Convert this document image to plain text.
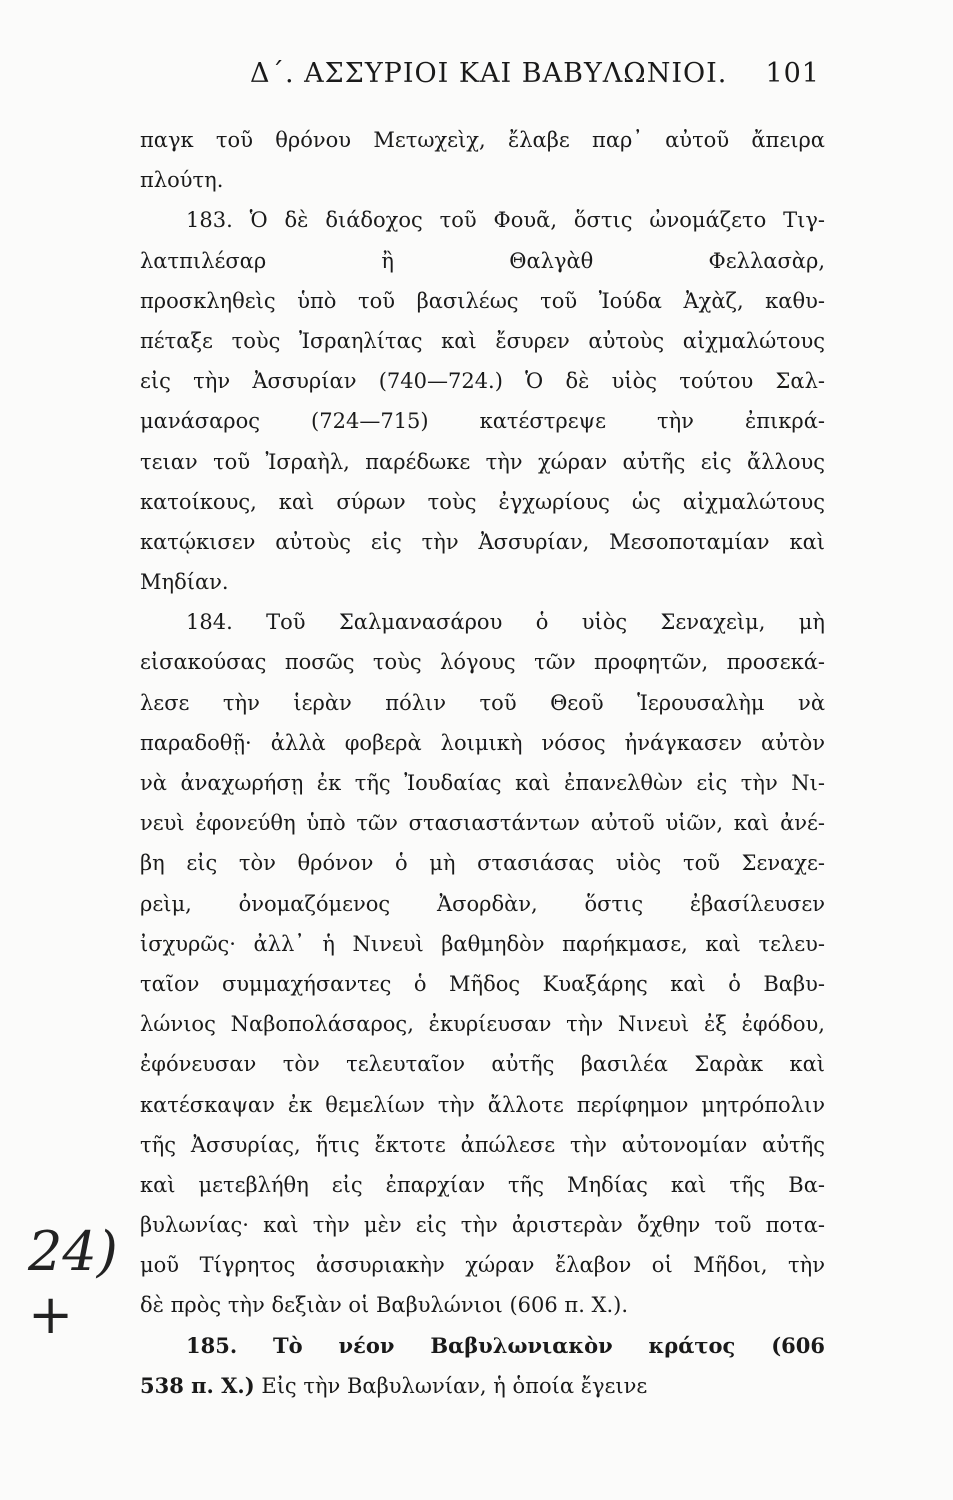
Δ΄. ΑΣΣΥΡΙΟΙ ΚΑΙ ΒΑΒΥΛΩΝΙΟΙ. 101
παγκ τοῦ θρόνου Μετωχεὶχ, ἔλαβε παρ᾽ αὐτοῦ ἄπειρα
πλούτη.
183. Ὁ δὲ διάδοχος τοῦ Φουᾶ, ὅστις ὠνομάζετο Τιγ-
λατπιλέσαρ ἢ Θαλγὰθ Φελλασὰρ,
προσκληθεὶς ὑπὸ τοῦ βασιλέως τοῦ Ἰούδα Ἀχὰζ, καθυ-
πέταξε τοὺς Ἰσραηλίτας καὶ ἔσυρεν αὐτοὺς αἰχμαλώτους
εἰς τὴν Ἀσσυρίαν (740—724.) Ὁ δὲ υἱὸς τούτου Σαλ-
μανάσαρος (724—715) κατέστρεψε τὴν ἐπικρά-
τειαν τοῦ Ἰσραὴλ, παρέδωκε τὴν χώραν αὐτῆς εἰς ἄλλους
κατοίκους, καὶ σύρων τοὺς ἐγχωρίους ὡς αἰχμαλώτους
κατῴκισεν αὐτοὺς εἰς τὴν Ἀσσυρίαν, Μεσοποταμίαν καὶ
Μηδίαν.
184. Τοῦ Σαλμανασάρου ὁ υἱὸς Σεναχεὶμ, μὴ
εἰσακούσας ποσῶς τοὺς λόγους τῶν προφητῶν, προσεκά-
λεσε τὴν ἱερὰν πόλιν τοῦ Θεοῦ Ἱερουσαλὴμ νὰ
παραδοθῇ· ἀλλὰ φοβερὰ λοιμικὴ νόσος ἠνάγκασεν αὐτὸν
νὰ ἀναχωρήσῃ ἐκ τῆς Ἰουδαίας καὶ ἐπανελθὼν εἰς τὴν Νι-
νευὶ ἐφονεύθη ὑπὸ τῶν στασιαστάντων αὐτοῦ υἱῶν, καὶ ἀνέ-
βη εἰς τὸν θρόνον ὁ μὴ στασιάσας υἱὸς τοῦ Σεναχε-
ρεὶμ, ὀνομαζόμενος Ἀσορδὰν, ὅστις ἐβασίλευσεν
ἰσχυρῶς· ἀλλ᾽ ἡ Νινευὶ βαθμηδὸν παρήκμασε, καὶ τελευ-
ταῖον συμμαχήσαντες ὁ Μῆδος Κυαξάρης καὶ ὁ Βαβυ-
λώνιος Ναβοπολάσαρος, ἐκυρίευσαν τὴν Νινευὶ ἐξ ἐφόδου,
ἐφόνευσαν τὸν τελευταῖον αὐτῆς βασιλέα Σαρὰκ καὶ
κατέσκαψαν ἐκ θεμελίων τὴν ἄλλοτε περίφημον μητρόπολιν
τῆς Ἀσσυρίας, ἥτις ἔκτοτε ἀπώλεσε τὴν αὐτονομίαν αὐτῆς
καὶ μετεβλήθη εἰς ἐπαρχίαν τῆς Μηδίας καὶ τῆς Βα-
βυλωνίας· καὶ τὴν μὲν εἰς τὴν ἀριστερὰν ὄχθην τοῦ ποτα-
μοῦ Τίγρητος ἀσσυριακὴν χώραν ἔλαβον οἱ Μῆδοι, τὴν
δὲ πρὸς τὴν δεξιὰν οἱ Βαβυλώνιοι (606 π. Χ.).
185. Τὸ νέον Βαβυλωνιακὸν κράτος (606
538 π. Χ.) Εἰς τὴν Βαβυλωνίαν, ἡ ὁποία ἔγεινε
24) +
